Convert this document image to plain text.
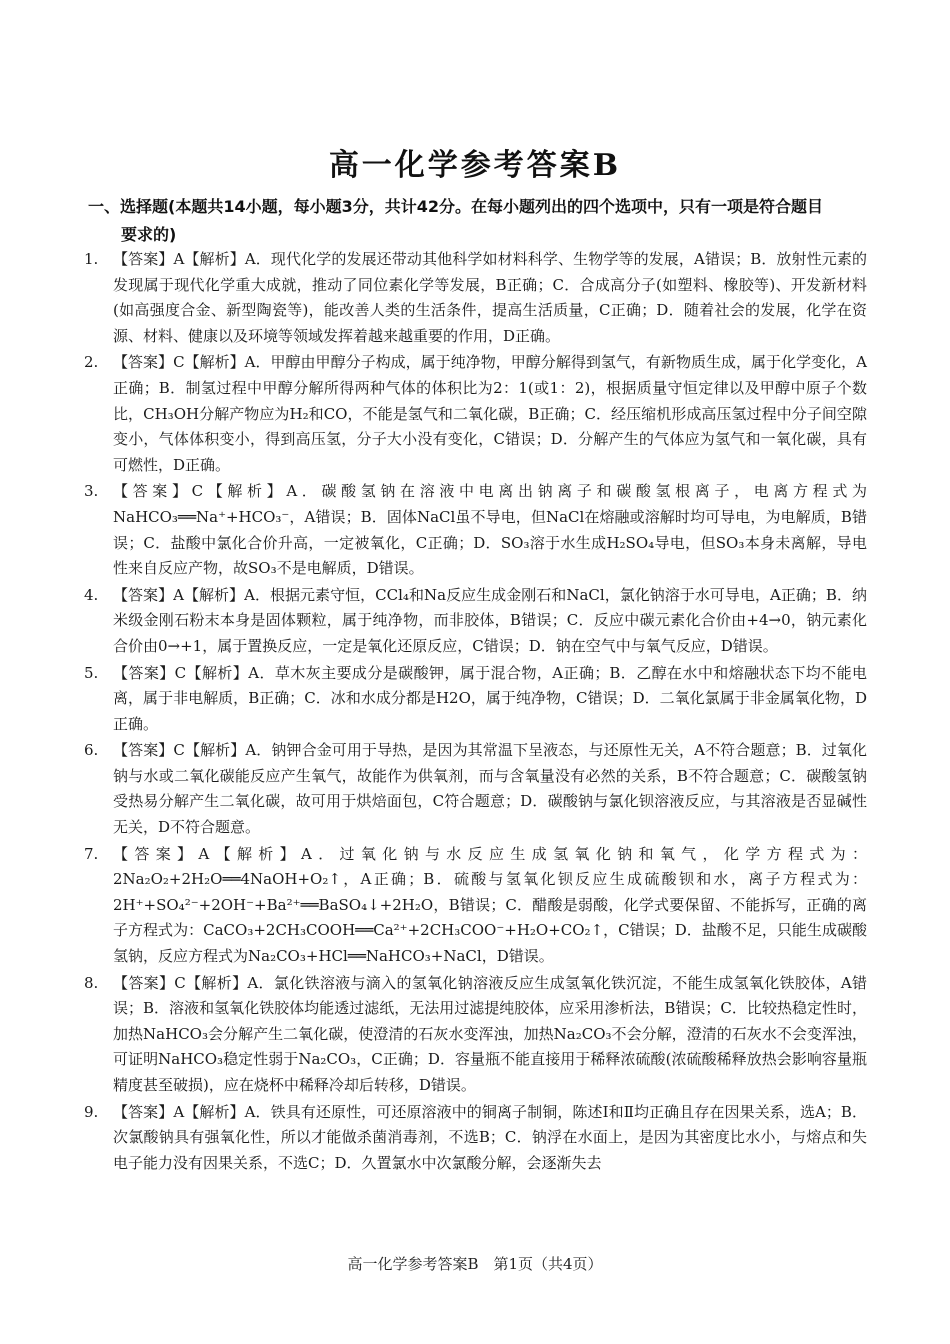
高一化学参考答案B
一、选择题(本题共14小题，每小题3分，共计42分。在每小题列出的四个选项中，只有一项是符合题目
要求的)
1. 【答案】A【解析】A．现代化学的发展还带动其他科学如材料科学、生物学等的发展，A错误；B．放射性元素的发现属于现代化学重大成就，推动了同位素化学等发展，B正确；C．合成高分子(如塑料、橡胶等)、开发新材料(如高强度合金、新型陶瓷等)，能改善人类的生活条件，提高生活质量，C正确；D．随着社会的发展，化学在资源、材料、健康以及环境等领域发挥着越来越重要的作用，D正确。
2. 【答案】C【解析】A．甲醇由甲醇分子构成，属于纯净物，甲醇分解得到氢气，有新物质生成，属于化学变化，A正确；B．制氢过程中甲醇分解所得两种气体的体积比为2：1(或1：2)，根据质量守恒定律以及甲醇中原子个数比，CH₃OH分解产物应为H₂和CO，不能是氢气和二氧化碳，B正确；C．经压缩机形成高压氢过程中分子间空隙变小，气体体积变小，得到高压氢，分子大小没有变化，C错误；D．分解产生的气体应为氢气和一氧化碳，具有可燃性，D正确。
3. 【答案】C【解析】A．碳酸氢钠在溶液中电离出钠离子和碳酸氢根离子，电离方程式为NaHCO₃══Na⁺+HCO₃⁻，A错误；B．固体NaCl虽不导电，但NaCl在熔融或溶解时均可导电，为电解质，B错误；C．盐酸中氯化合价升高，一定被氧化，C正确；D．SO₃溶于水生成H₂SO₄导电，但SO₃本身未离解，导电性来自反应产物，故SO₃不是电解质，D错误。
4. 【答案】A【解析】A．根据元素守恒，CCl₄和Na反应生成金刚石和NaCl，氯化钠溶于水可导电，A正确；B．纳米级金刚石粉末本身是固体颗粒，属于纯净物，而非胶体，B错误；C．反应中碳元素化合价由+4→0，钠元素化合价由0→+1，属于置换反应，一定是氧化还原反应，C错误；D．钠在空气中与氧气反应，D错误。
5. 【答案】C【解析】A．草木灰主要成分是碳酸钾，属于混合物，A正确；B．乙醇在水中和熔融状态下均不能电离，属于非电解质，B正确；C．冰和水成分都是H2O，属于纯净物，C错误；D．二氧化氯属于非金属氧化物，D正确。
6. 【答案】C【解析】A．钠钾合金可用于导热，是因为其常温下呈液态，与还原性无关，A不符合题意；B．过氧化钠与水或二氧化碳能反应产生氧气，故能作为供氧剂，而与含氧量没有必然的关系，B不符合题意；C．碳酸氢钠受热易分解产生二氧化碳，故可用于烘焙面包，C符合题意；D．碳酸钠与氯化钡溶液反应，与其溶液是否显碱性无关，D不符合题意。
7. 【答案】A【解析】A．过氧化钠与水反应生成氢氧化钠和氧气，化学方程式为：2Na₂O₂+2H₂O══4NaOH+O₂↑，A正确；B．硫酸与氢氧化钡反应生成硫酸钡和水，离子方程式为：2H⁺+SO₄²⁻+2OH⁻+Ba²⁺══BaSO₄↓+2H₂O，B错误；C．醋酸是弱酸，化学式要保留、不能拆写，正确的离子方程式为：CaCO₃+2CH₃COOH══Ca²⁺+2CH₃COO⁻+H₂O+CO₂↑，C错误；D．盐酸不足，只能生成碳酸氢钠，反应方程式为Na₂CO₃+HCl══NaHCO₃+NaCl，D错误。
8. 【答案】C【解析】A．氯化铁溶液与滴入的氢氧化钠溶液反应生成氢氧化铁沉淀，不能生成氢氧化铁胶体，A错误；B．溶液和氢氧化铁胶体均能透过滤纸，无法用过滤提纯胶体，应采用渗析法，B错误；C．比较热稳定性时，加热NaHCO₃会分解产生二氧化碳，使澄清的石灰水变浑浊，加热Na₂CO₃不会分解，澄清的石灰水不会变浑浊，可证明NaHCO₃稳定性弱于Na₂CO₃，C正确；D．容量瓶不能直接用于稀释浓硫酸(浓硫酸稀释放热会影响容量瓶精度甚至破损)，应在烧杯中稀释冷却后转移，D错误。
9. 【答案】A【解析】A．铁具有还原性，可还原溶液中的铜离子制铜，陈述Ⅰ和Ⅱ均正确且存在因果关系，选A；B．次氯酸钠具有强氧化性，所以才能做杀菌消毒剂，不选B；C．钠浮在水面上，是因为其密度比水小，与熔点和失电子能力没有因果关系，不选C；D．久置氯水中次氯酸分解，会逐渐失去
高一化学参考答案B　第1页（共4页）
